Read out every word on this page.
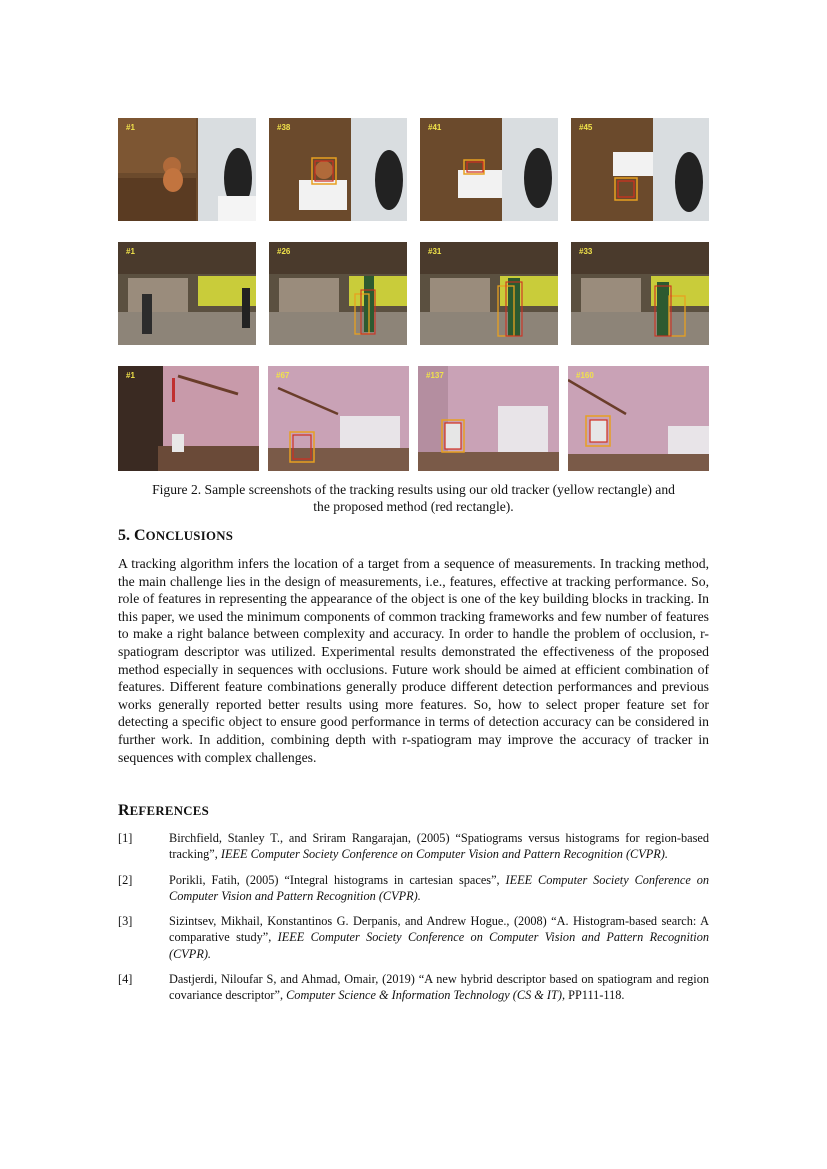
#1	#38	#41	#45
#1	#26	#31	#33
#1	#67	#137	#160
Figure 2. Sample screenshots of the tracking results using our old tracker (yellow rectangle) and
the proposed method (red rectangle).
5. CONCLUSIONS
A tracking algorithm infers the location of a target from a sequence of measurements. In tracking method, the main challenge lies in the design of measurements, i.e., features, effective at tracking performance. So, role of features in representing the appearance of the object is one of the key building blocks in tracking. In this paper, we used the minimum components of common tracking frameworks and few number of features to make a right balance between complexity and accuracy. In order to handle the problem of occlusion, r-spatiogram descriptor was utilized. Experimental results demonstrated the effectiveness of the proposed method especially in sequences with occlusions. Future work should be aimed at efficient combination of features. Different feature combinations generally produce different detection performances and previous works generally reported better results using more features. So, how to select proper feature set for detecting a specific object to ensure good performance in terms of detection accuracy can be considered in further work. In addition, combining depth with r-spatiogram may improve the accuracy of tracker in sequences with complex challenges.
REFERENCES
[1]	Birchfield, Stanley T., and Sriram Rangarajan, (2005) “Spatiograms versus histograms for region-based tracking”, IEEE Computer Society Conference on Computer Vision and Pattern Recognition (CVPR).
[2]	Porikli, Fatih, (2005) “Integral histograms in cartesian spaces”, IEEE Computer Society Conference on Computer Vision and Pattern Recognition (CVPR).
[3]	Sizintsev, Mikhail, Konstantinos G. Derpanis, and Andrew Hogue., (2008) “A. Histogram-based search: A comparative study”, IEEE Computer Society Conference on Computer Vision and Pattern Recognition (CVPR).
[4]	Dastjerdi, Niloufar S, and Ahmad, Omair, (2019) “A new hybrid descriptor based on spatiogram and region covariance descriptor”, Computer Science & Information Technology (CS & IT), PP111-118.
